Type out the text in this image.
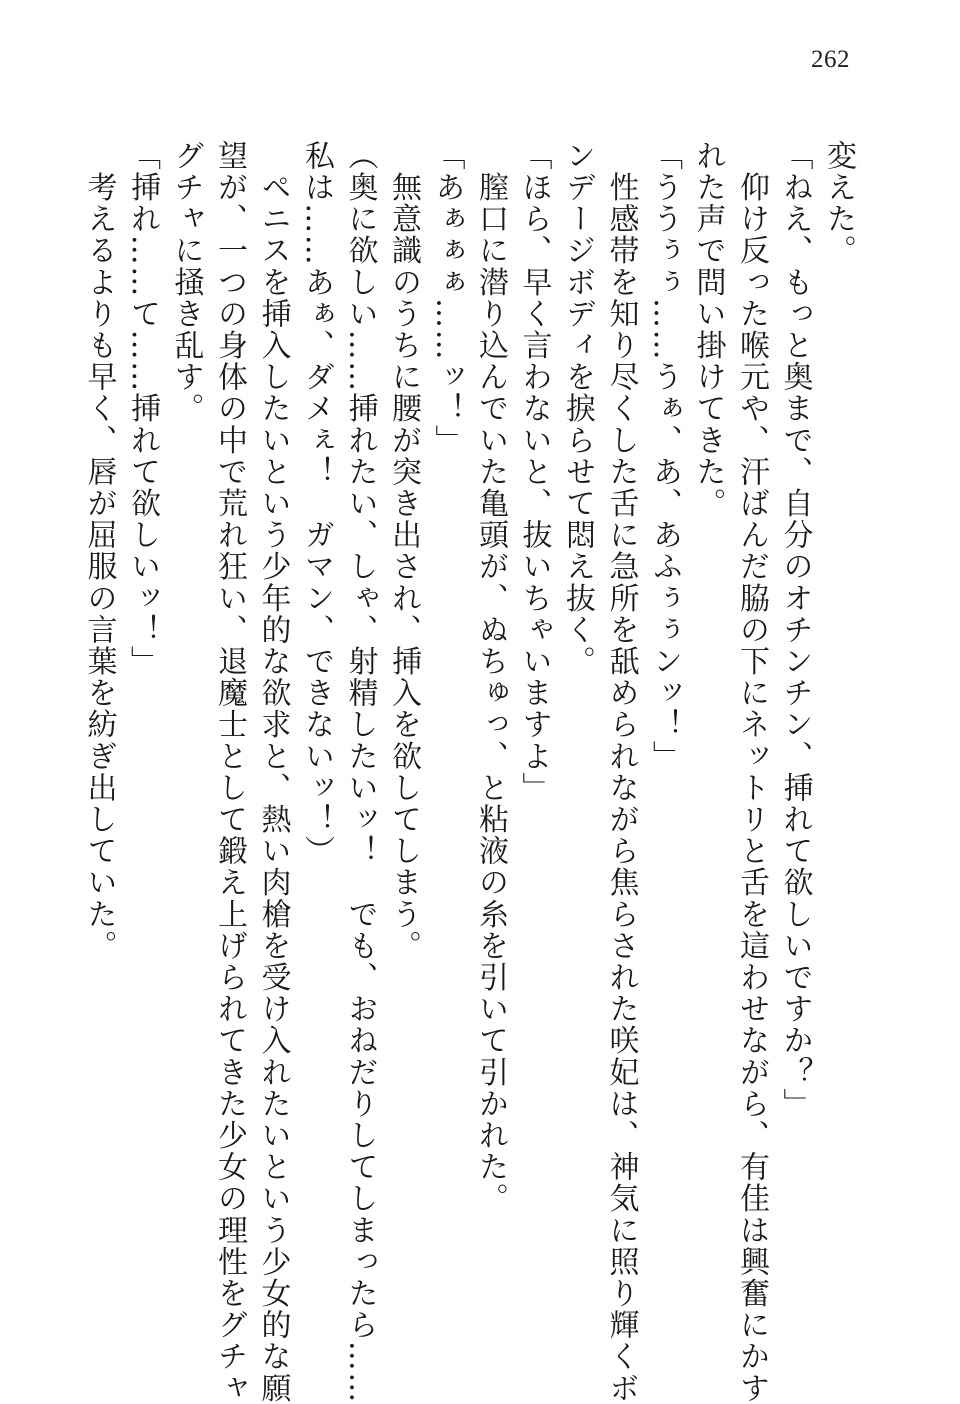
262
変えた。
「ねえ、もっと奥まで、自分のオチンチン、挿れて欲しいですか？」
　仰け反った喉元や、汗ばんだ脇の下にネットリと舌を這わせながら、有佳は興奮にかす
れた声で問い掛けてきた。
「ううぅぅ……うぁ、あ、あふぅぅンッ！」
　性感帯を知り尽くした舌に急所を舐められながら焦らされた咲妃は、神気に照り輝くボ
ンデージボディを捩らせて悶え抜く。
「ほら、早く言わないと、抜いちゃいますよ」
　膣口に潜り込んでいた亀頭が、ぬちゅっ、と粘液の糸を引いて引かれた。
「あぁぁぁ……ッ！」
　無意識のうちに腰が突き出され、挿入を欲してしまう。
（奥に欲しい……挿れたい、しゃ、射精したいッ！　でも、おねだりしてしまったら……
私は……あぁ、ダメぇ！　ガマン、できないッ！）
　ペニスを挿入したいという少年的な欲求と、熱い肉槍を受け入れたいという少女的な願
望が、一つの身体の中で荒れ狂い、退魔士として鍛え上げられてきた少女の理性をグチャ
グチャに掻き乱す。
「挿れ……て……挿れて欲しいッ！」
　考えるよりも早く、唇が屈服の言葉を紡ぎ出していた。
